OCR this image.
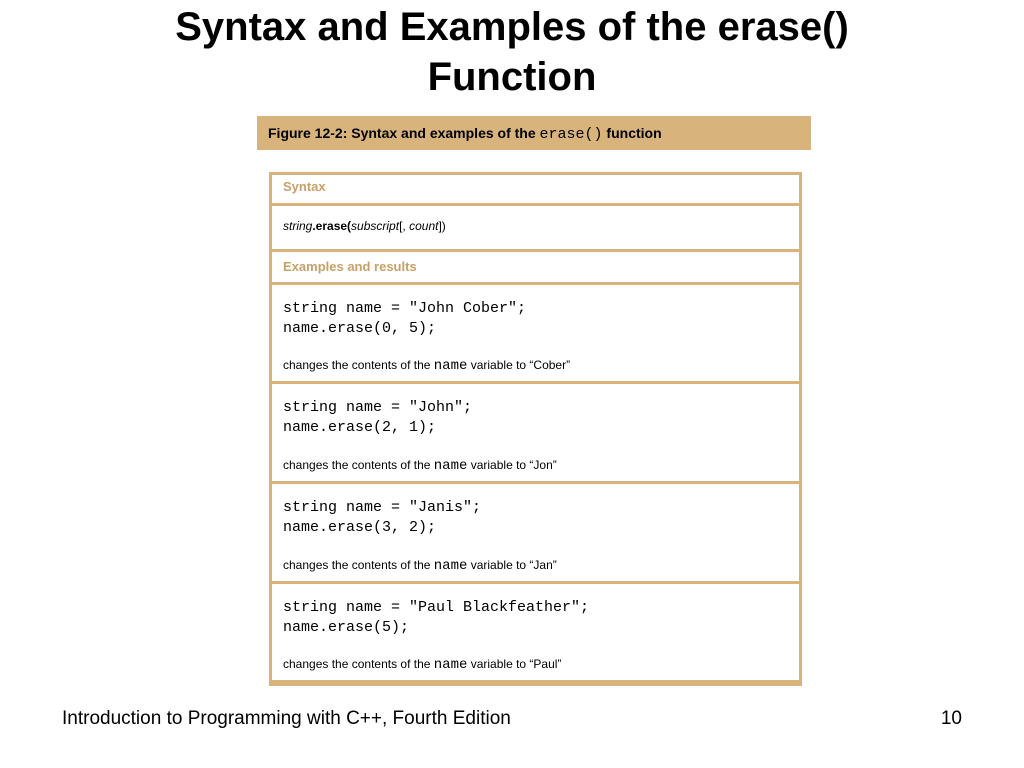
Syntax and Examples of the erase()
Function
Figure 12-2: Syntax and examples of the erase() function
Syntax
string.erase(subscript[, count])
Examples and results
string name = "John Cober";
name.erase(0, 5);
changes the contents of the name variable to “Cober”
string name = "John";
name.erase(2, 1);
changes the contents of the name variable to “Jon”
string name = "Janis";
name.erase(3, 2);
changes the contents of the name variable to “Jan”
string name = "Paul Blackfeather";
name.erase(5);
changes the contents of the name variable to “Paul”
Introduction to Programming with C++, Fourth Edition	10
